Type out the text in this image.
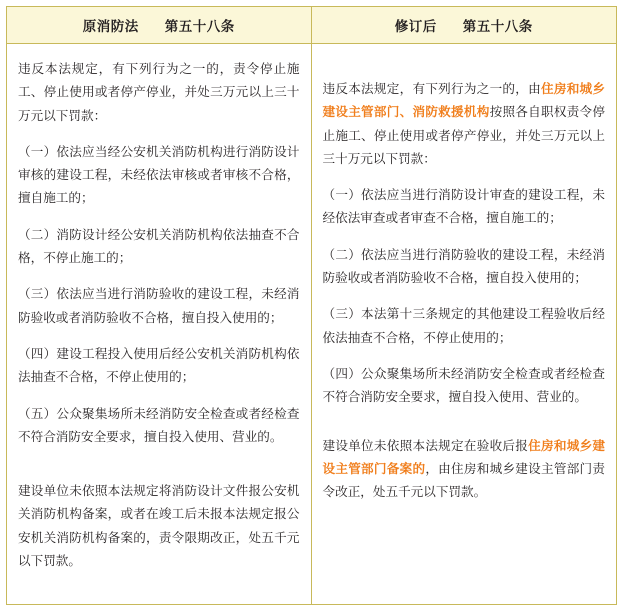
原消防法 第五十八条	修订后 第五十八条

违反本法规定，有下列行为之一的，责令停止施工、停止使用或者停产停业，并处三万元以上三十万元以下罚款：

（一）依法应当经公安机关消防机构进行消防设计审核的建设工程，未经依法审核或者审核不合格，擅自施工的；

（二）消防设计经公安机关消防机构依法抽查不合格，不停止施工的；

（三）依法应当进行消防验收的建设工程，未经消防验收或者消防验收不合格，擅自投入使用的；

（四）建设工程投入使用后经公安机关消防机构依法抽查不合格，不停止使用的；

（五）公众聚集场所未经消防安全检查或者经检查不符合消防安全要求，擅自投入使用、营业的。

建设单位未依照本法规定将消防设计文件报公安机关消防机构备案，或者在竣工后未报本法规定报公安机关消防机构备案的，责令限期改正，处五千元以下罚款。

违反本法规定，有下列行为之一的，由住房和城乡建设主管部门、消防救援机构按照各自职权责令停止施工、停止使用或者停产停业，并处三万元以上三十万元以下罚款：

（一）依法应当进行消防设计审查的建设工程，未经依法审查或者审查不合格，擅自施工的；

（二）依法应当进行消防验收的建设工程，未经消防验收或者消防验收不合格，擅自投入使用的；

（三）本法第十三条规定的其他建设工程验收后经依法抽查不合格，不停止使用的；

（四）公众聚集场所未经消防安全检查或者经检查不符合消防安全要求，擅自投入使用、营业的。

建设单位未依照本法规定在验收后报住房和城乡建设主管部门备案的，由住房和城乡建设主管部门责令改正，处五千元以下罚款。
